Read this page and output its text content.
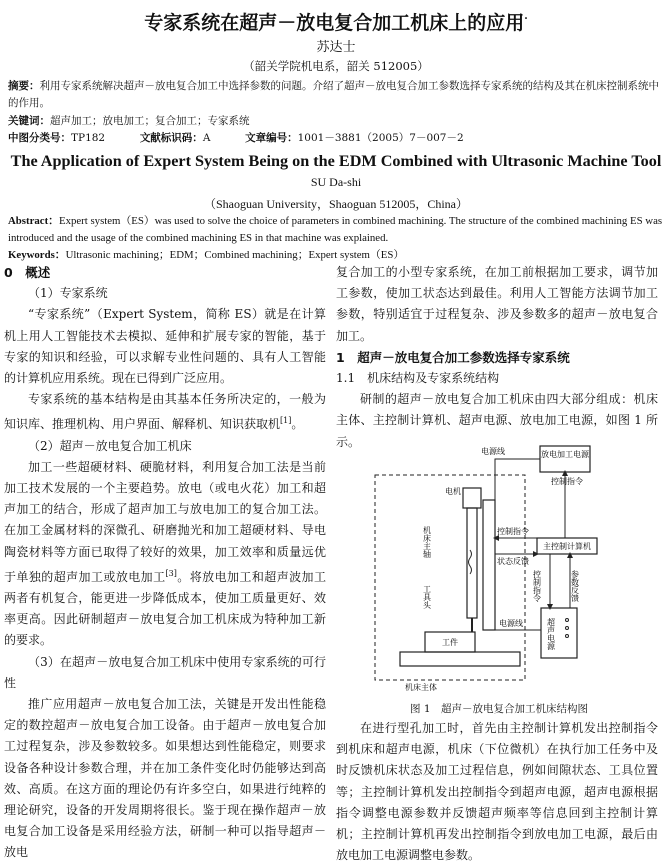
专家系统在超声－放电复合加工机床上的应用·
苏达士
（韶关学院机电系，韶关 512005）
摘要：利用专家系统解决超声－放电复合加工中选择参数的问题。介绍了超声－放电复合加工参数选择专家系统的结构及其在机床控制系统中的作用。
关键词：超声加工；放电加工；复合加工；专家系统
中图分类号：TP182	文献标识码：A	文章编号：1001－3881（2005）7－007－2
The Application of Expert System Being on the EDM Combined with Ultrasonic Machine Tool
SU Da-shi
（Shaoguan University，Shaoguan 512005，China）
Abstract：Expert system（ES）was used to solve the choice of parameters in combined machining. The structure of the combined machining ES was introduced and the usage of the combined machining ES in that machine was explained.
Keywords：Ultrasonic machining；EDM；Combined machining；Expert system（ES）

0　概述

（1）专家系统

“专家系统”（Expert System，简称 ES）就是在计算机上用人工智能技术去模拟、延伸和扩展专家的智能，基于专家的知识和经验，可以求解专业性问题的、具有人工智能的计算机应用系统。现在已得到广泛应用。

专家系统的基本结构是由其基本任务所决定的，一般为知识库、推理机构、用户界面、解释机、知识获取机[1]。

（2）超声－放电复合加工机床

加工一些超硬材料、硬脆材料，利用复合加工法是当前加工技术发展的一个主要趋势。放电（或电火花）加工和超声加工的结合，形成了超声加工与放电加工的复合加工法。在加工金属材料的深微孔、研磨抛光和加工超硬材料、导电陶瓷材料等方面已取得了较好的效果，加工效率和质量远优于单独的超声加工或放电加工[3]。将放电加工和超声波加工两者有机复合，能更进一步降低成本，使加工质量更好、效率更高。因此研制超声－放电复合加工机床成为特种加工新的要求。

（3）在超声－放电复合加工机床中使用专家系统的可行性

推广应用超声－放电复合加工法，关键是开发出性能稳定的数控超声－放电复合加工设备。由于超声－放电复合加工过程复杂，涉及参数较多。如果想达到性能稳定，则要求设备各种设计参数合理，并在加工条件变化时仍能够达到高效、高质。在这方面的理论仍有许多空白，如果进行纯粹的理论研究，设备的开发周期将很长。鉴于现在操作超声－放电复合加工设备是采用经验方法，研制一种可以指导超声－放电

复合加工的小型专家系统，在加工前根据加工要求，调节加工参数，使加工状态达到最佳。利用人工智能方法调节加工参数，特别适宜于过程复杂、涉及参数多的超声－放电复合加工。

1　超声－放电复合加工参数选择专家系统

1.1　机床结构及专家系统结构

研制的超声－放电复合加工机床由四大部分组成：机床主体、主控制计算机、超声电源、放电加工电源，如图 1 所示。

放电加工电源
电源线
控制指令
电机
机床主轴
工具头
工件
主控制计算机
控制指令
状态反馈
超声电源
控制指令	参数反馈
电源线
机床主体
图 1　超声－放电复合加工机床结构图

在进行型孔加工时，首先由主控制计算机发出控制指令到机床和超声电源，机床（下位微机）在执行加工任务中及时反馈机床状态及加工过程信息，例如间隙状态、工具位置等；主控制计算机发出控制指令到超声电源，超声电源根据指令调整电源参数并反馈超声频率等信息回到主控制计算机；主控制计算机再发出控制指令到放电加工电源，最后由放电加工电源调整电参数。
